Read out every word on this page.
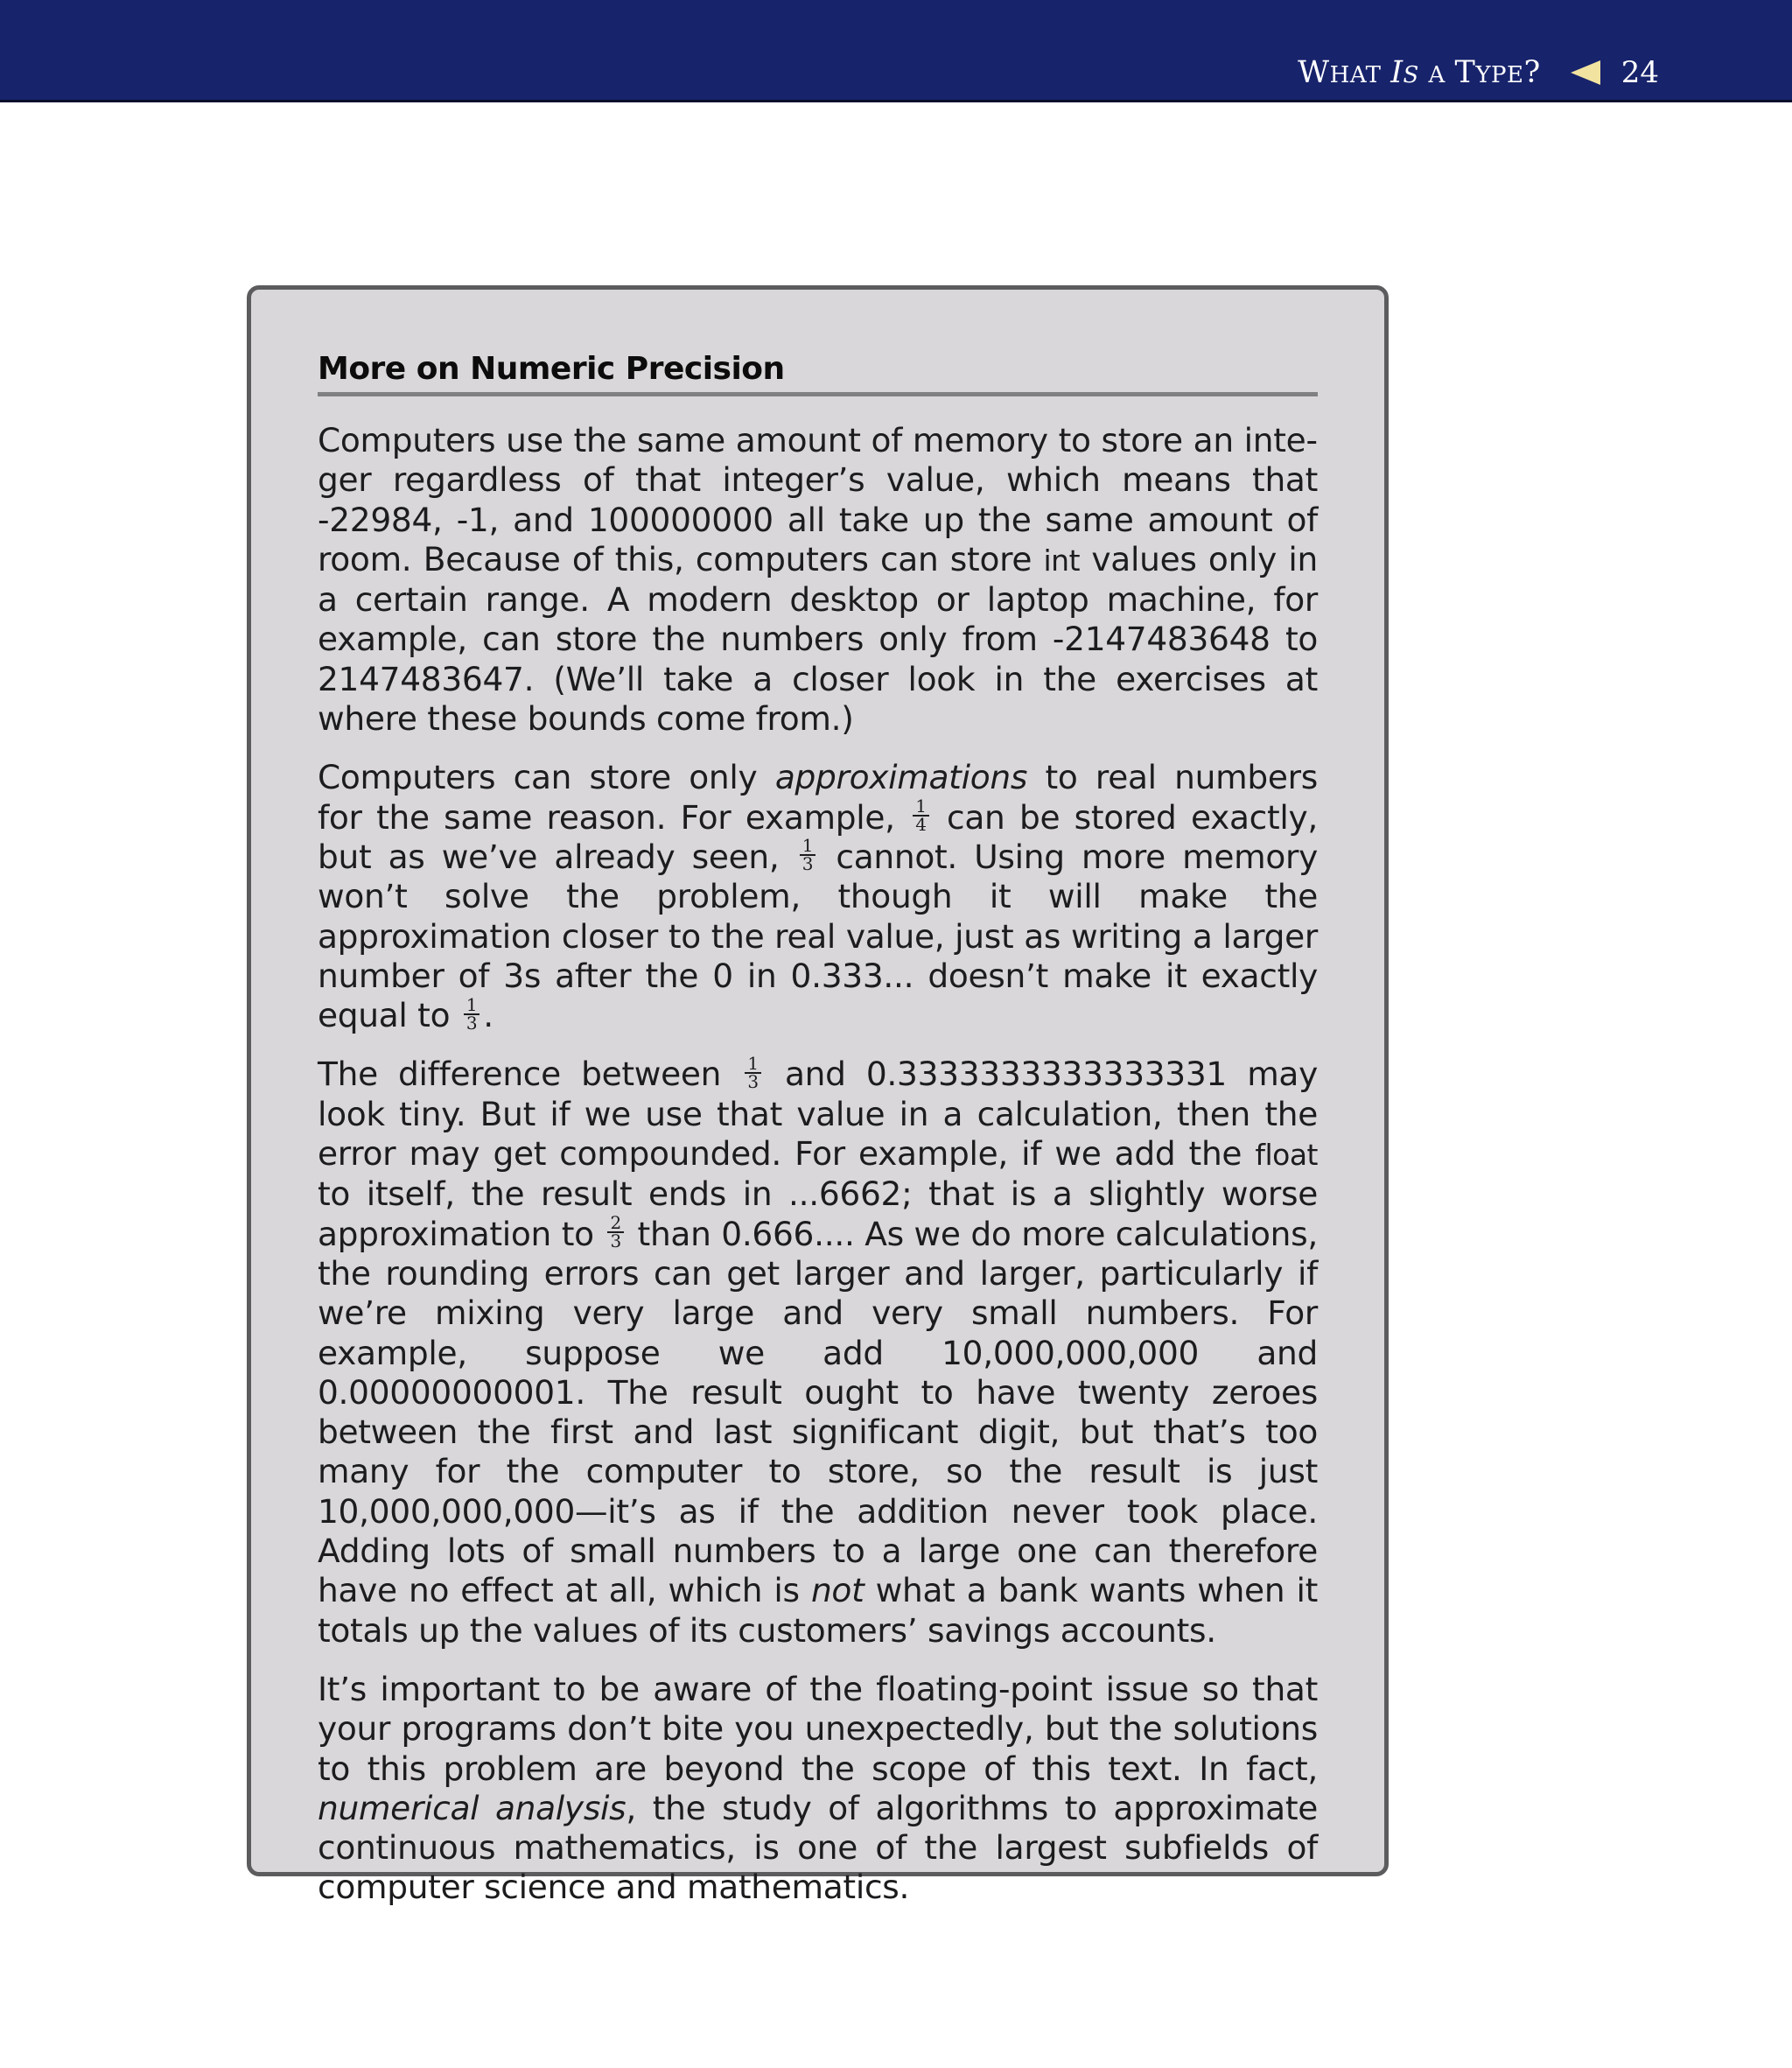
WHAT IS A TYPE?	24
More on Numeric Precision

Computers use the same amount of memory to store an integer regardless of that integer’s value, which means that -22984, -1, and 100000000 all take up the same amount of room. Because of this, computers can store int values only in a certain range. A modern desktop or laptop machine, for example, can store the numbers only from -2147483648 to 2147483647. (We’ll take a closer look in the exercises at where these bounds come from.)

Computers can store only approximations to real numbers for the same reason. For example, $\frac{1}{4}$ can be stored exactly, but as we’ve already seen, $\frac{1}{3}$ cannot. Using more memory won’t solve the problem, though it will make the approximation closer to the real value, just as writing a larger number of 3s after the 0 in 0.333... doesn’t make it exactly equal to $\frac{1}{3}$ .

The difference between $\frac{1}{3}$ and 0.3333333333333331 may look tiny. But if we use that value in a calculation, then the error may get compounded. For example, if we add the float to itself, the result ends in ...6662; that is a slightly worse approximation to $\frac{2}{3}$ than 0.666.... As we do more calculations, the rounding errors can get larger and larger, particularly if we’re mixing very large and very small numbers. For example, suppose we add 10,000,000,000 and 0.00000000001. The result ought to have twenty zeroes between the first and last significant digit, but that’s too many for the computer to store, so the result is just 10,000,000,000—it’s as if the addition never took place. Adding lots of small numbers to a large one can therefore have no effect at all, which is not what a bank wants when it totals up the values of its customers’ savings accounts.

It’s important to be aware of the floating-point issue so that your programs don’t bite you unexpectedly, but the solutions to this problem are beyond the scope of this text. In fact, numerical analysis, the study of algorithms to approximate continuous mathematics, is one of the largest subfields of computer science and mathematics.
